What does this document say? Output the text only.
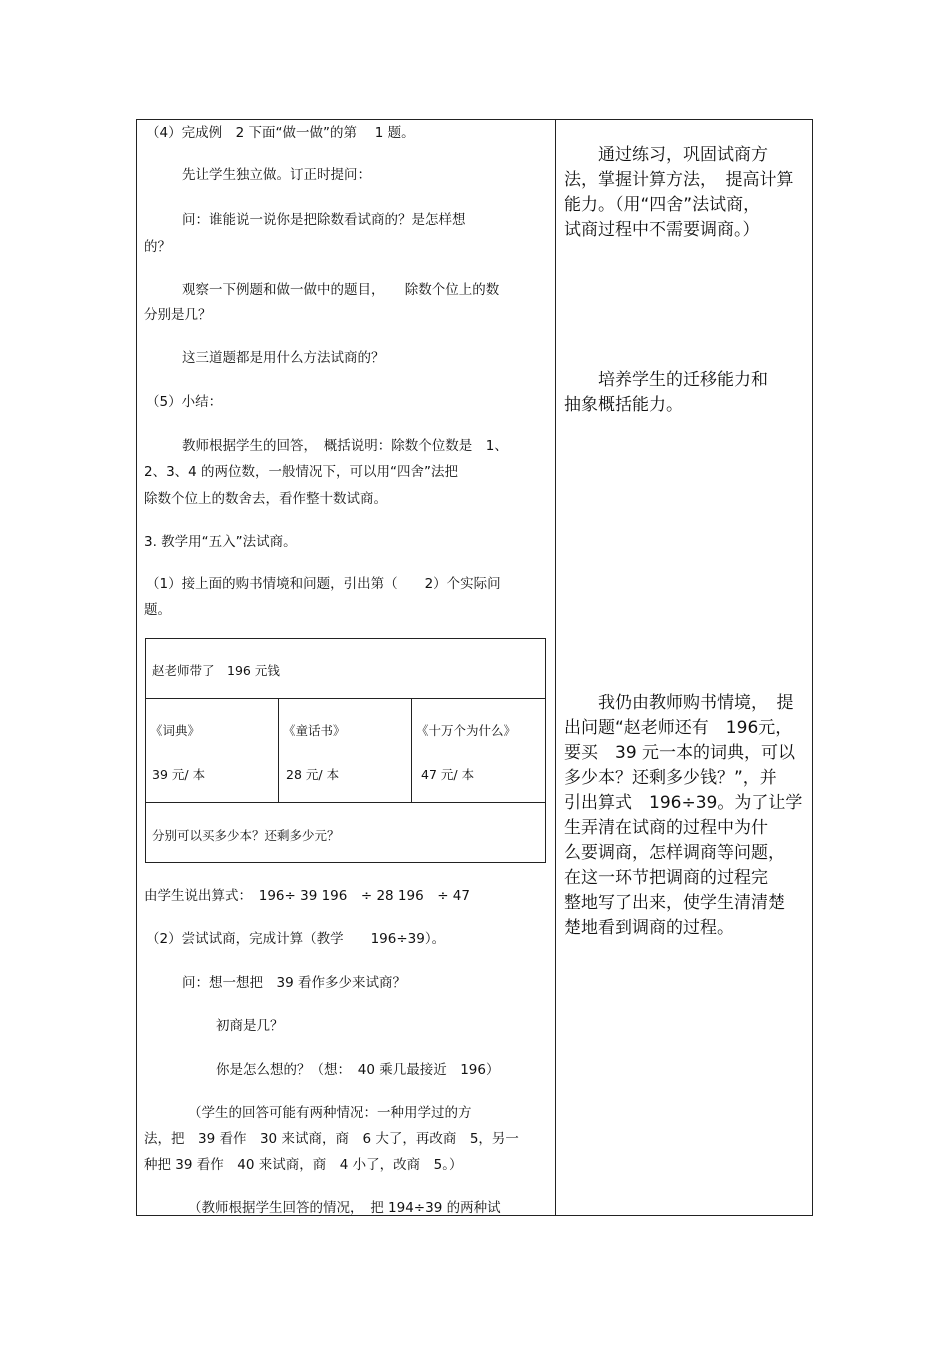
（4）完成例　2 下面“做一做”的第　 1 题。
先让学生独立做。订正时提问：
问：谁能说一说你是把除数看试商的？是怎样想
的？
观察一下例题和做一做中的题目，　　除数个位上的数
分别是几？
这三道题都是用什么方法试商的？
（5）小结：
教师根据学生的回答，　概括说明：除数个位数是　1、
2、3、4 的两位数，一般情况下，可以用“四舍”法把
除数个位上的数舍去，看作整十数试商。
3. 教学用“五入”法试商。
（1）接上面的购书情境和问题，引出第（　　2）个实际问
题。
赵老师带了　196 元钱
《词典》
39 元/ 本
《童话书》
28 元/ 本
《十万个为什么》
47 元/ 本
分别可以买多少本？还剩多少元？
由学生说出算式：　196÷ 39 196　÷ 28 196　÷ 47
（2）尝试试商，完成计算（教学　　196÷39）。
问：想一想把　39 看作多少来试商？
初商是几？
你是怎么想的？（想：　40 乘几最接近　196）
（学生的回答可能有两种情况：一种用学过的方
法，把　39 看作　30 来试商，商　6 大了，再改商　5，另一
种把 39 看作　40 来试商，商　4 小了，改商　5。）
（教师根据学生回答的情况，　把 194÷39 的两种试
　　通过练习，巩固试商方
法，掌握计算方法，　提高计算
能力。（用“四舍”法试商，
试商过程中不需要调商。）
　　培养学生的迁移能力和
抽象概括能力。
　　我仍由教师购书情境，　提
出问题“赵老师还有　196元，
要买　39 元一本的词典，可以
多少本？还剩多少钱？”，并
引出算式　196÷39。为了让学
生弄清在试商的过程中为什
么要调商，怎样调商等问题，
在这一环节把调商的过程完
整地写了出来，使学生清清楚
楚地看到调商的过程。
